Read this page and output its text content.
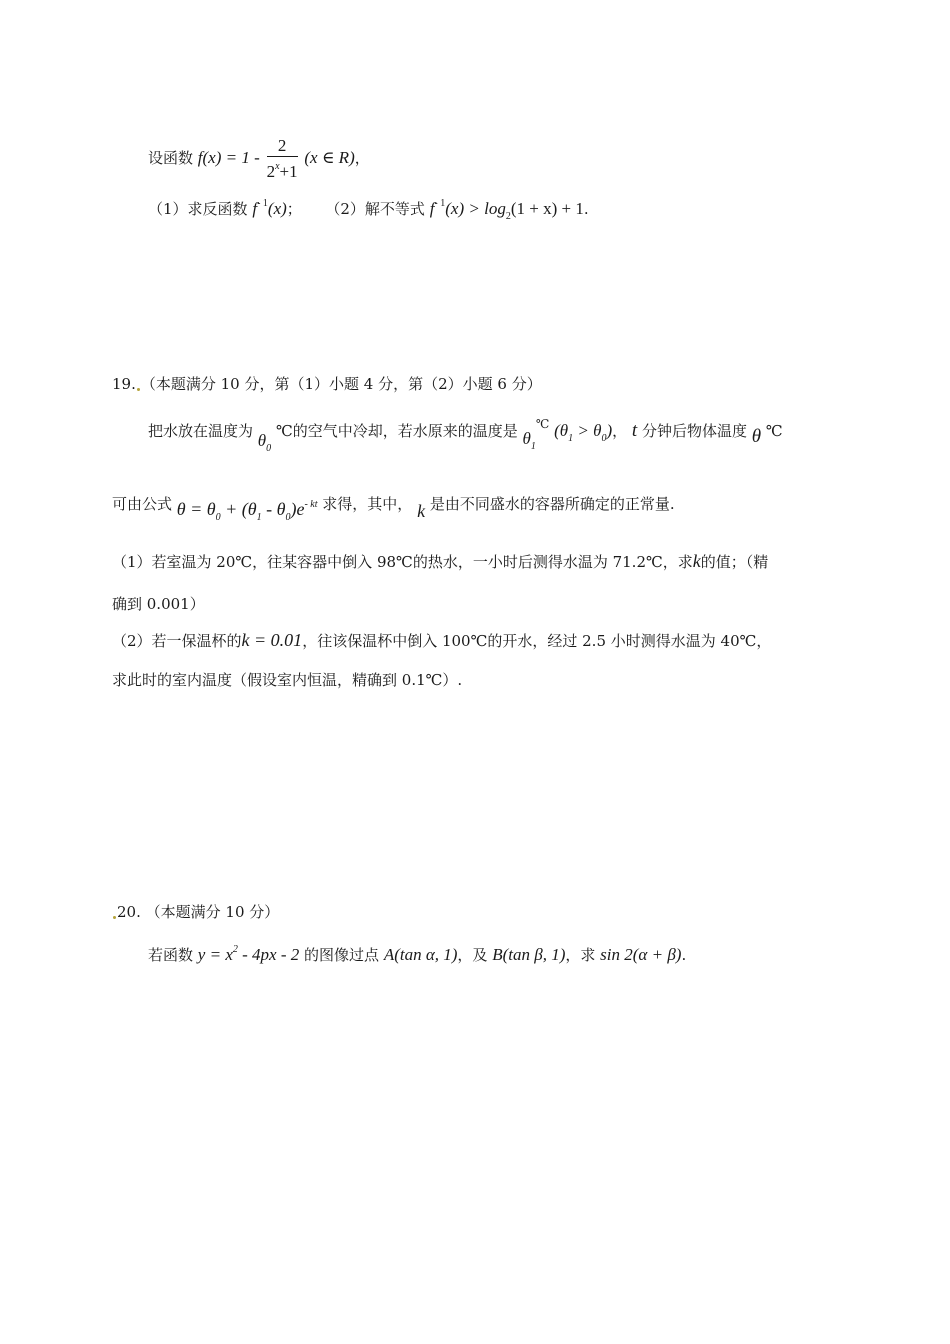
设函数 $f(x) = 1 - \frac{2}{2^x+1} (x$ ∈ R)，
（1）求反函数 $f^{- 1}(x)$； （2）解不等式 $f^{- 1}(x) > \log_2(1 + x) + 1$.
19. （本题满分 10 分，第（1）小题 4 分，第（2）小题 6 分）
把水放在温度为 $\theta_0$ ℃的空气中冷却，若水原来的温度是 $\theta_1^℃$ $(\theta_1 > \theta_0)$， t 分钟后物体温度 θ ℃
可由公式 $\theta = \theta_0 + (\theta_1 - \theta_0)e^{- kt}$ 求得，其中， k 是由不同盛水的容器所确定的正常量.
（1）若室温为 20℃，往某容器中倒入 98℃的热水，一小时后测得水温为 71.2℃，求k的值；（精
确到 0.001）
（2）若一保温杯的k = 0.01，往该保温杯中倒入 100℃的开水，经过 2.5 小时测得水温为 40℃，
求此时的室内温度（假设室内恒温，精确到 0.1℃）.
20. （本题满分 10 分）
若函数 $y = x^2 - 4px - 2$ 的图像过点 A(tan α, 1)，及 B(tan β, 1)，求 sin 2(α + β).
